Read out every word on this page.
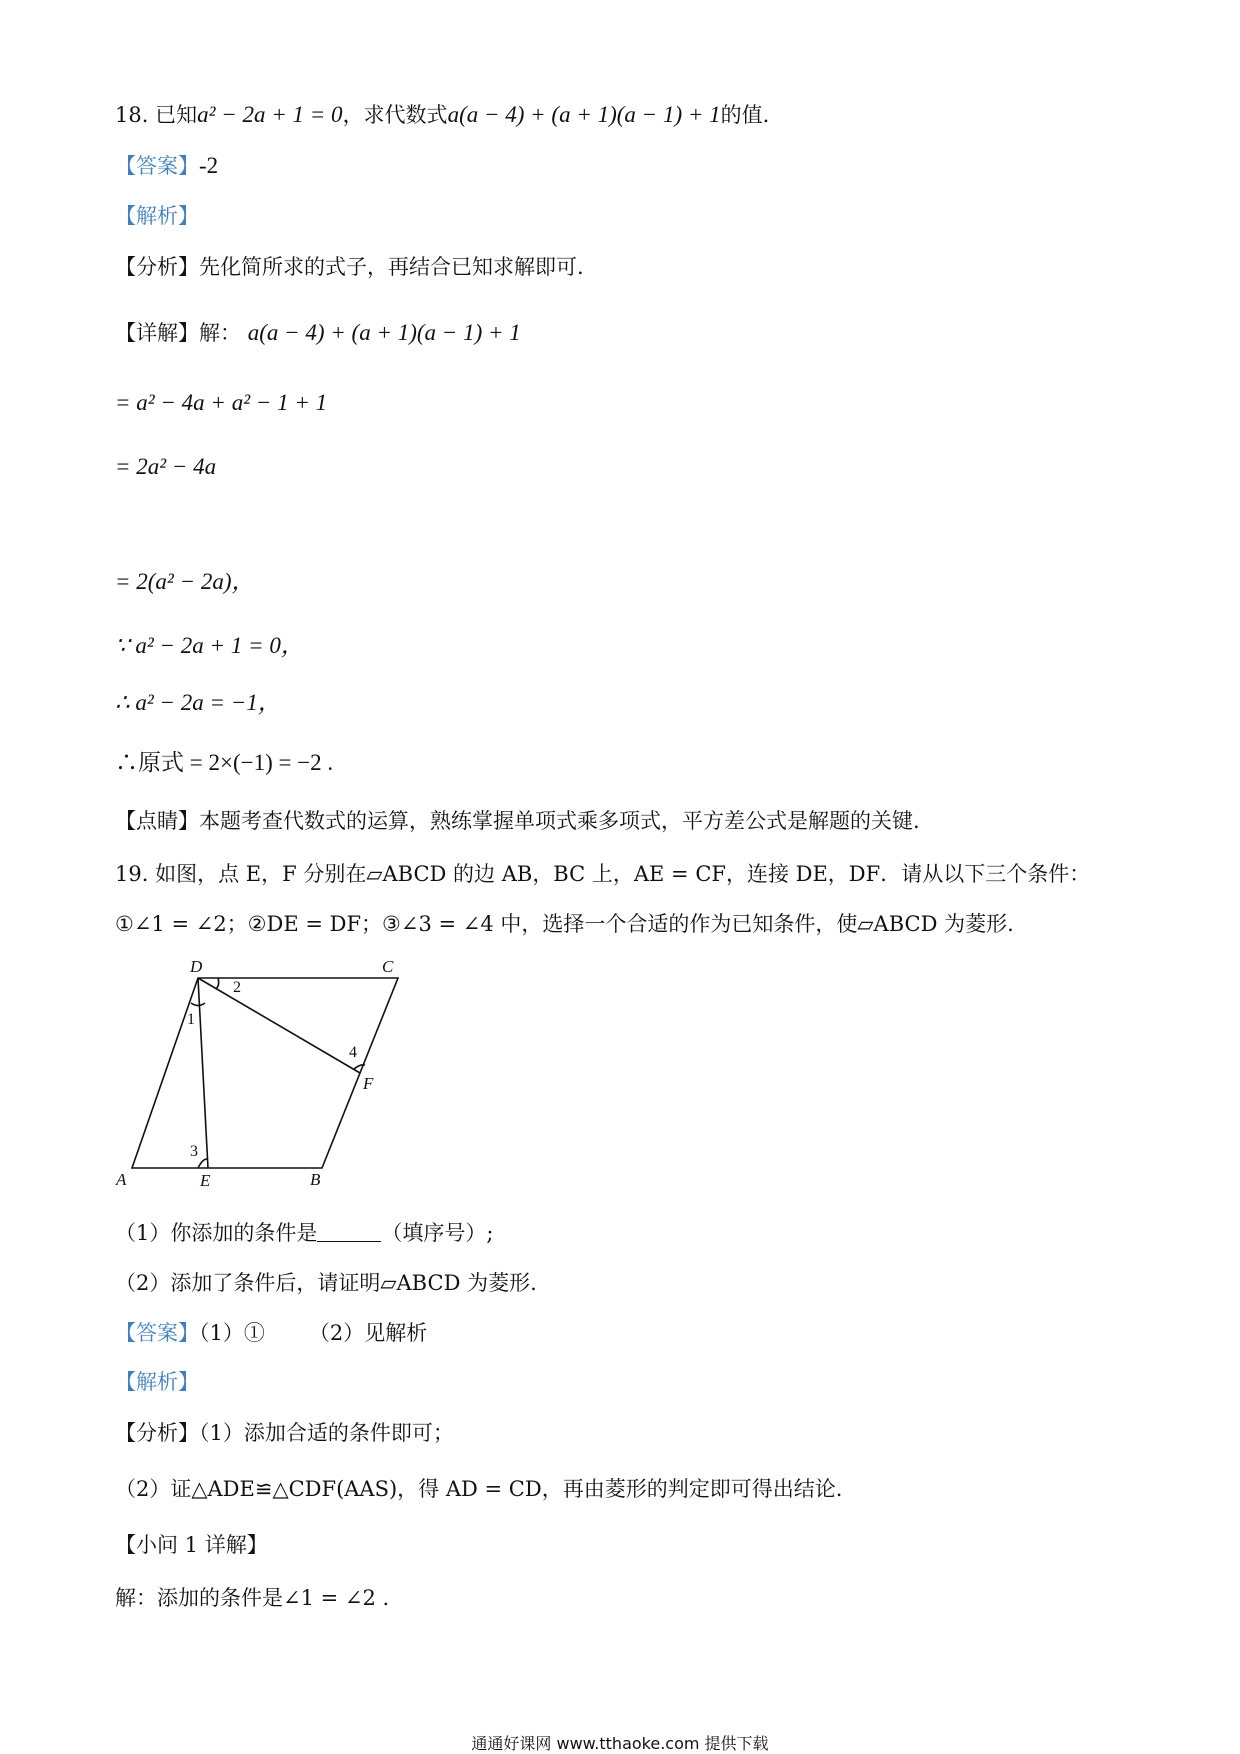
18. 已知a² − 2a + 1 = 0，求代数式a(a − 4) + (a + 1)(a − 1) + 1的值.
【答案】-2
【解析】
【分析】先化简所求的式子，再结合已知求解即可.
【详解】解： a(a − 4) + (a + 1)(a − 1) + 1
= a² − 4a + a² − 1 + 1
= 2a² − 4a
= 2(a² − 2a)，
∵ a² − 2a + 1 = 0，
∴ a² − 2a = −1，
∴原式 = 2×(−1) = −2 .
【点睛】本题考查代数式的运算，熟练掌握单项式乘多项式，平方差公式是解题的关键.
19. 如图，点 E，F 分别在▱ABCD 的边 AB，BC 上，AE = CF，连接 DE，DF．请从以下三个条件：
①∠1 = ∠2；②DE = DF；③∠3 = ∠4 中，选择一个合适的作为已知条件，使▱ABCD 为菱形.
D	C
A	E	B
F
1
2
3
4
（1）你添加的条件是	（填序号）;
（2）添加了条件后，请证明▱ABCD 为菱形.
【答案】（1）① （2）见解析
【解析】
【分析】（1）添加合适的条件即可；
（2）证△ADE≌△CDF(AAS)，得 AD = CD，再由菱形的判定即可得出结论.
【小问 1 详解】
解：添加的条件是∠1 = ∠2 .
通通好课网 www.tthaoke.com 提供下载
